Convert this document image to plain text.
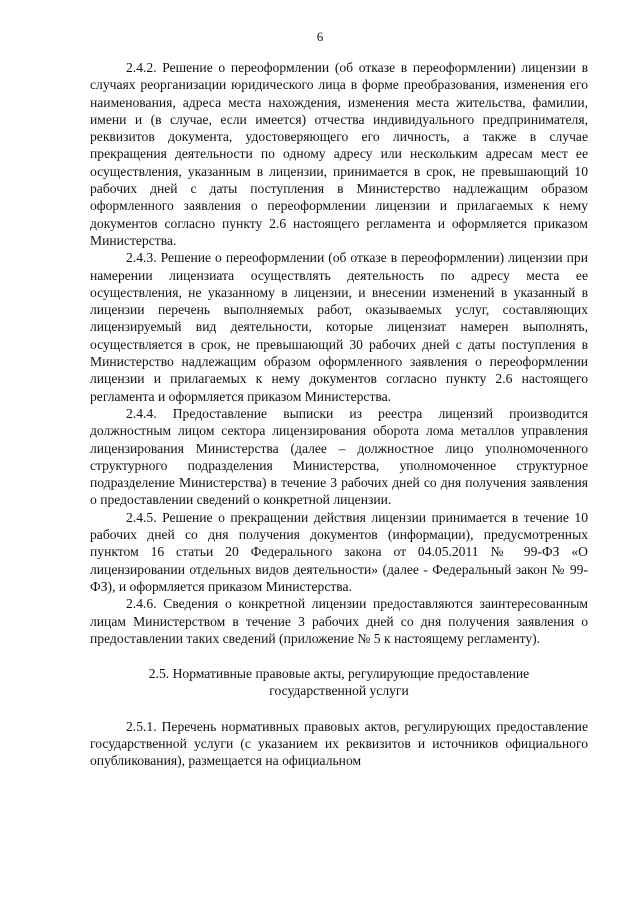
6

2.4.2. Решение о переоформлении (об отказе в переоформлении) лицензии в случаях реорганизации юридического лица в форме преобразования, изменения его наименования, адреса места нахождения, изменения места жительства, фамилии, имени и (в случае, если имеется) отчества индивидуального предпринимателя, реквизитов документа, удостоверяющего его личность, а также в случае прекращения деятельности по одному адресу или нескольким адресам мест ее осуществления, указанным в лицензии, принимается в срок, не превышающий 10 рабочих дней с даты поступления в Министерство надлежащим образом оформленного заявления о переоформлении лицензии и прилагаемых к нему документов согласно пункту 2.6 настоящего регламента и оформляется приказом Министерства.

2.4.3. Решение о переоформлении (об отказе в переоформлении) лицензии при намерении лицензиата осуществлять деятельность по адресу места ее осуществления, не указанному в лицензии, и внесении изменений в указанный в лицензии перечень выполняемых работ, оказываемых услуг, составляющих лицензируемый вид деятельности, которые лицензиат намерен выполнять, осуществляется в срок, не превышающий 30 рабочих дней с даты поступления в Министерство надлежащим образом оформленного заявления о переоформлении лицензии и прилагаемых к нему документов согласно пункту 2.6 настоящего регламента и оформляется приказом Министерства.

2.4.4. Предоставление выписки из реестра лицензий производится должностным лицом сектора лицензирования оборота лома металлов управления лицензирования Министерства (далее – должностное лицо уполномоченного структурного подразделения Министерства, уполномоченное структурное подразделение Министерства) в течение 3 рабочих дней со дня получения заявления о предоставлении сведений о конкретной лицензии.

2.4.5. Решение о прекращении действия лицензии принимается в течение 10 рабочих дней со дня получения документов (информации), предусмотренных пунктом 16 статьи 20 Федерального закона от 04.05.2011 № 99-ФЗ «О лицензировании отдельных видов деятельности» (далее - Федеральный закон № 99-ФЗ), и оформляется приказом Министерства.

2.4.6. Сведения о конкретной лицензии предоставляются заинтересованным лицам Министерством в течение 3 рабочих дней со дня получения заявления о предоставлении таких сведений (приложение № 5 к настоящему регламенту).

2.5. Нормативные правовые акты, регулирующие предоставление
государственной услуги

2.5.1. Перечень нормативных правовых актов, регулирующих предоставление государственной услуги (с указанием их реквизитов и источников официального опубликования), размещается на официальном
